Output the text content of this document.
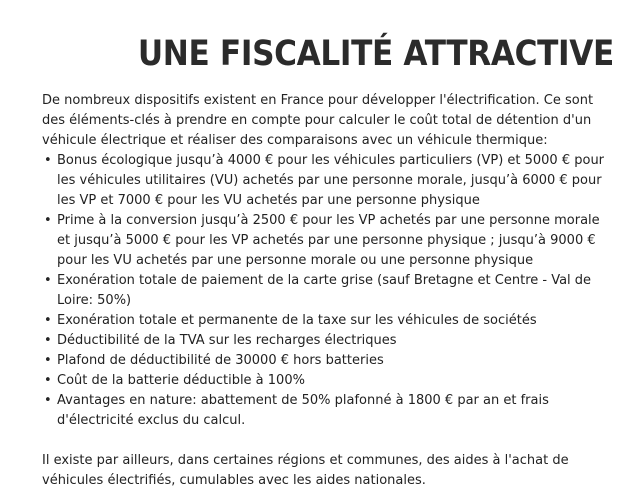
UNE FISCALITÉ ATTRACTIVE

De nombreux dispositifs existent en France pour développer l'électrification. Ce sont des éléments-clés à prendre en compte pour calculer le coût total de détention d'un véhicule électrique et réaliser des comparaisons avec un véhicule thermique:

• Bonus écologique jusqu’à 4000 € pour les véhicules particuliers (VP) et 5000 € pour les véhicules utilitaires (VU) achetés par une personne morale, jusqu’à 6000 € pour les VP et 7000 € pour les VU achetés par une personne physique
• Prime à la conversion jusqu’à 2500 € pour les VP achetés par une personne morale et jusqu’à 5000 € pour les VP achetés par une personne physique ; jusqu’à 9000 € pour les VU achetés par une personne morale ou une personne physique
• Exonération totale de paiement de la carte grise (sauf Bretagne et Centre - Val de Loire: 50%)
• Exonération totale et permanente de la taxe sur les véhicules de sociétés
• Déductibilité de la TVA sur les recharges électriques
• Plafond de déductibilité de 30000 € hors batteries
• Coût de la batterie déductible à 100%
• Avantages en nature: abattement de 50% plafonné à 1800 € par an et frais d'électricité exclus du calcul.

Il existe par ailleurs, dans certaines régions et communes, des aides à l'achat de véhicules électrifiés, cumulables avec les aides nationales.
